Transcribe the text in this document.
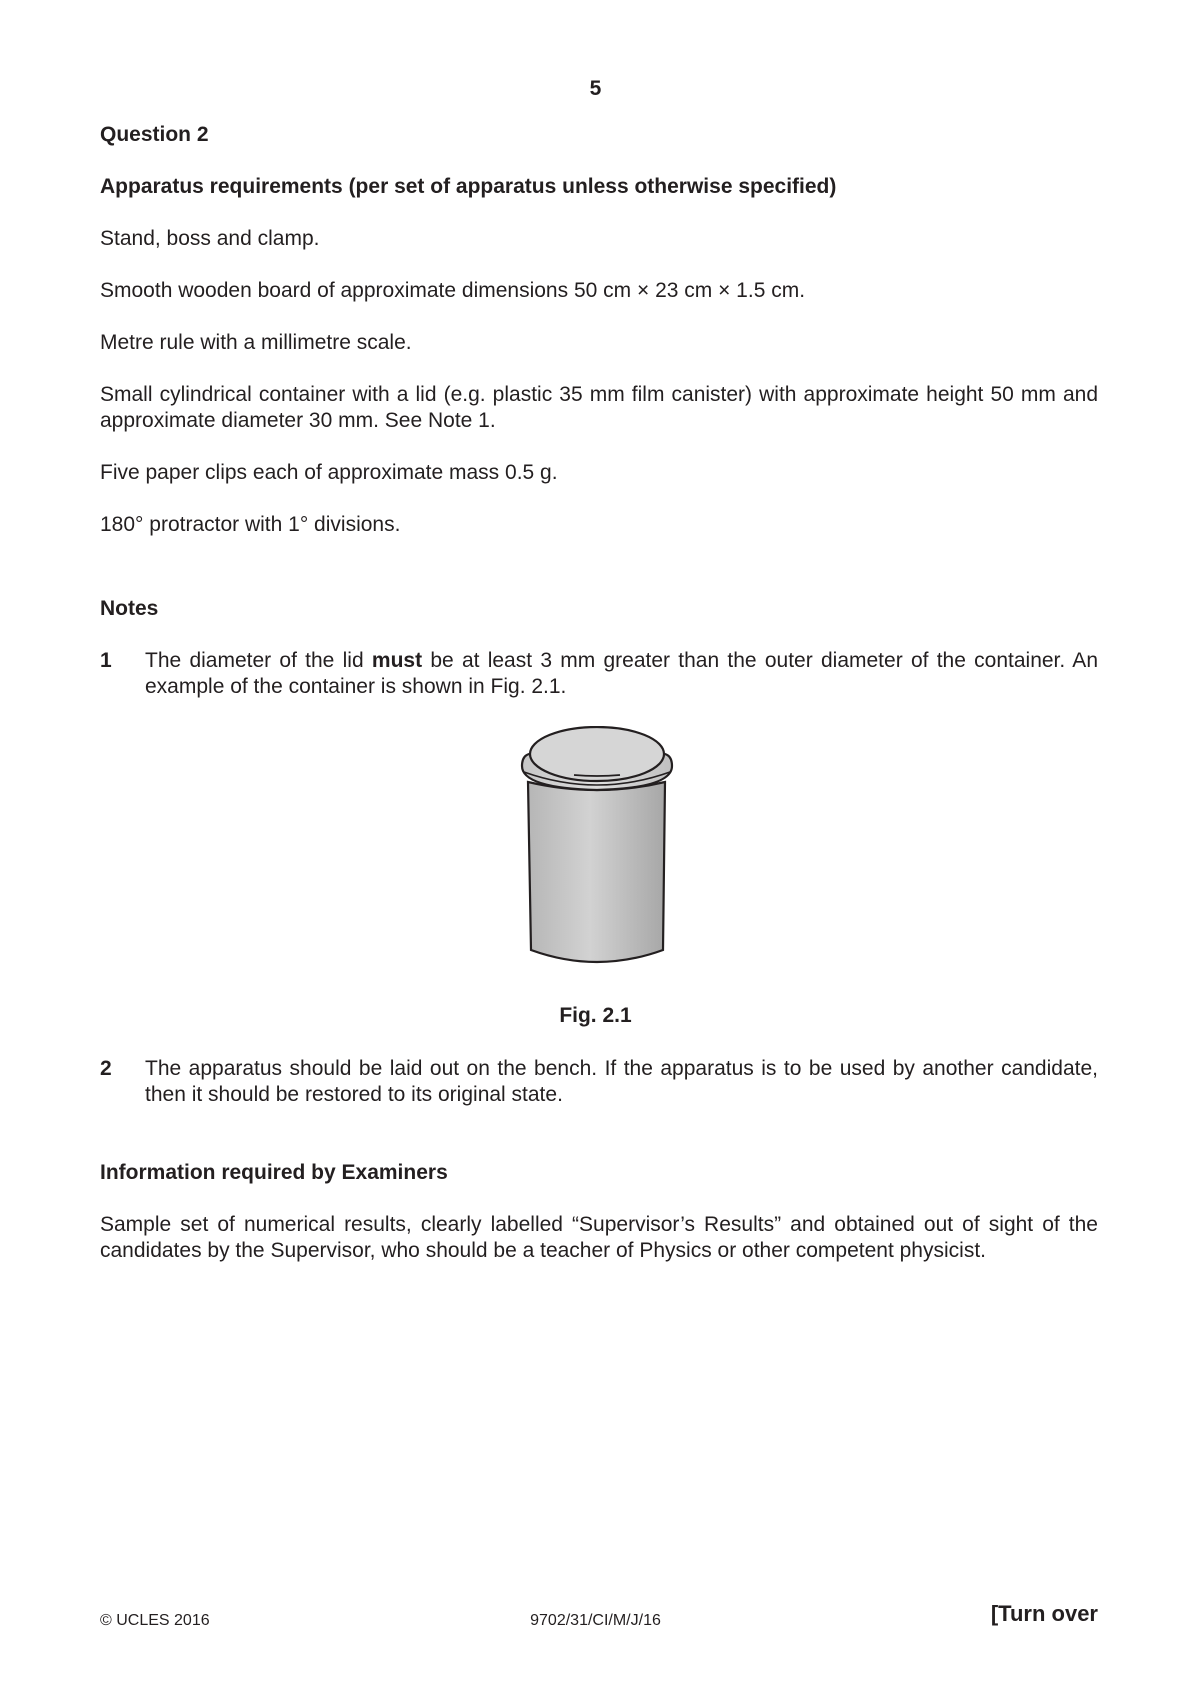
5
Question 2
Apparatus requirements (per set of apparatus unless otherwise specified)
Stand, boss and clamp.
Smooth wooden board of approximate dimensions 50 cm × 23 cm × 1.5 cm.
Metre rule with a millimetre scale.
Small cylindrical container with a lid (e.g. plastic 35 mm film canister) with approximate height 50 mm and approximate diameter 30 mm. See Note 1.
Five paper clips each of approximate mass 0.5 g.
180° protractor with 1° divisions.
Notes
1 The diameter of the lid must be at least 3 mm greater than the outer diameter of the container. An example of the container is shown in Fig. 2.1.
Fig. 2.1
2 The apparatus should be laid out on the bench. If the apparatus is to be used by another candidate, then it should be restored to its original state.
Information required by Examiners
Sample set of numerical results, clearly labelled “Supervisor’s Results” and obtained out of sight of the candidates by the Supervisor, who should be a teacher of Physics or other competent physicist.
© UCLES 2016	9702/31/CI/M/J/16	[Turn over
